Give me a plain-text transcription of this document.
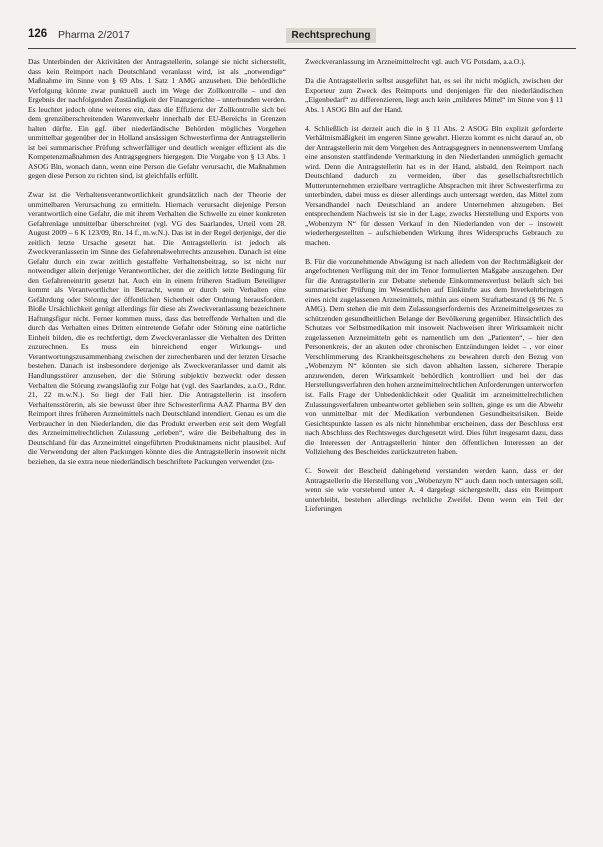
126 Pharma 2/2017	Rechtsprechung

Das Unterbinden der Aktivitäten der Antragstellerin, solange sie nicht sicherstellt, dass kein Reimport nach Deutschland veranlasst wird, ist als „notwendige“ Maßnahme im Sinne von § 69 Abs. 1 Satz 1 AMG anzusehen. Die behördliche Verfolgung könnte zwar punktuell auch im Wege der Zollkontrolle – und den Ergebnis der nachfolgenden Zuständigkeit der Finanzgerichte – unterbunden werden. Es leuchtet jedoch ohne weiteres ein, dass die Effizienz der Zollkontrolle sich bei dem grenzüberschreitenden Warenverkehr innerhalb der EU-Bereichs in Grenzen halten dürfte. Ein ggf. über niederländische Behörden mögliches Vorgehen unmittelbar gegenüber der in Holland ansässigen Schwesterfirma der Antragstellerin ist bei summarischer Prüfung schwerfälliger und deutlich weniger effizient als die Kompetenzmaßnahmen des Antragsgegners hiergegen. Die Vorgabe von § 13 Abs. 1 ASOG Bln, wonach dann, wenn eine Person die Gefahr verursacht, die Maßnahmen gegen diese Person zu richten sind, ist gleichfalls erfüllt.

Zwar ist die Verhaltensverantwortlichkeit grundsätzlich nach der Theorie der unmittelbaren Verursachung zu ermitteln. Hiernach verursacht diejenige Person verantwortlich eine Gefahr, die mit ihrem Verhalten die Schwelle zu einer konkreten Gefahrenlage unmittelbar überschreitet (vgl. VG des Saarlandes, Urteil vom 28. August 2009 – 6 K 123/09, Rn. 14 f., m.w.N.). Das ist in der Regel derjenige, der die zeitlich letzte Ursache gesetzt hat. Die Antragstellerin ist jedoch als Zweckveranlasserin im Sinne des Gefahrenabwehrrechts anzusehen. Danach ist eine Gefahr durch ein zwar zeitlich gestaffelte Verhaltensbeitrag, so ist nicht nur notwendiger allein derjenige Verantwortlicher, der die zeitlich letzte Bedingung für den Gefahreneintritt gesetzt hat. Auch ein in einem früheren Stadium Beteiligter kommt als Verantwortlicher in Betracht, wenn er durch sein Verhalten eine Gefährdung oder Störung der öffentlichen Sicherheit oder Ordnung herausfordert. Bloße Ursächlichkeit genügt allerdings für diese als Zweckveranlassung bezeichnete Haftungsfigur nicht. Ferner kommen muss, dass das betreffende Verhalten und die durch das Verhalten eines Dritten eintretende Gefahr oder Störung eine natürliche Einheit bilden, die es rechtfertigt, dem Zweckveranlasser die Verhalten des Dritten zuzurechnen. Es muss ein hinreichend enger Wirkungs- und Verantwortungszusammenhang zwischen der zurechenbaren und der letzten Ursache bestehen. Danach ist insbesondere derjenige als Zweckveranlasser und damit als Handlungsstörer anzusehen, der die Störung subjektiv bezweckt oder dessen Verhalten die Störung zwangsläufig zur Folge hat (vgl. des Saarlandes, a.a.O., Rdnr. 21, 22 m.w.N.). So liegt der Fall hier. Die Antragstellerin ist insofern Verhaltensstörerin, als sie bewusst über ihre Schwesterfirma AAZ Pharma BV den Reimport ihres früheren Arzneimittels nach Deutschland intendiert. Genau es um die Verbraucher in den Niederlanden, die das Produkt erwerben erst seit dem Wegfall des Arzneimittelrechtlichen Zulassung „erleben“, wäre die Beibehaltung des in Deutschland für das Arzneimittel eingeführten Produktnamens nicht plausibel. Auf die Verwendung der alten Packungen könnte dies die Antragstellerin insoweit nicht beziehen, da sie extra neue niederländisch beschriftete Packungen verwendet (zu-

Zweckveranlassung im Arzneimittelrecht vgl. auch VG Potsdam, a.a.O.).

Da die Antragstellerin selbst ausgeführt hat, es sei ihr nicht möglich, zwischen der Exporteur zum Zweck des Reimports und denjenigen für den niederländischen „Eigenbedarf“ zu differenzieren, liegt auch kein „milderes Mittel“ im Sinne von § 11 Abs. 1 ASOG Bln auf der Hand.

4. Schließlich ist derzeit auch die in § 11 Abs. 2 ASOG Bln explizit geforderte Verhältnismäßigkeit im engeren Sinne gewahrt. Hierzu kommt es nicht darauf an, ob der Antragstellerin mit dem Vorgehen des Antragsgegners in nennenswertem Umfang eine ansonsten stattfindende Vermarktung in den Niederlanden unmöglich gemacht wird. Denn die Antragstellerin hat es in der Hand, alsbald, den Reimport nach Deutschland dadurch zu vermeiden, über das gesellschaftsrechtlich Mutterunternehmen erzielbare vertragliche Absprachen mit ihrer Schwesterfirma zu unterbinden, dabei muss es dieser allerdings auch untersagt werden, das Mittel zum Versandhandel nach Deutschland an andere Unternehmen abzugeben. Bei entsprechendem Nachweis ist sie in der Lage, zwecks Herstellung und Exports von „Wobenzym N“ für dessen Verkauf in den Niederlanden von der – insoweit wiederhergestellten – aufschiebenden Wirkung ihres Widerspruchs Gebrauch zu machen.

B. Für die vorzunehmende Abwägung ist nach alledem von der Rechtmäßigkeit der angefochtenen Verfügung mit der im Tenor formulierten Maßgabe auszugehen. Der für die Antragstellerin zur Debatte stehende Einkommensverlust beläuft sich bei summarischer Prüfung im Wesentlichen auf Einkünfte aus dem Inverkehrbringen eines nicht zugelassenen Arzneimittels, mithin aus einem Straftatbestand (§ 96 Nr. 5 AMG). Dem stehen die mit dem Zulassungserfordernis des Arzneimittelgesetzes zu schützenden gesundheitlichen Belange der Bevölkerung gegenüber. Hinsichtlich des Schutzes vor Selbstmedikation mit insoweit Nachweisen ihrer Wirksamkeit nicht zugelassenen Arzneimitteln geht es namentlich um den „Patienten“, – hier den Personenkreis, der an akuten oder chronischen Entzündungen leidet – , vor einer Verschlimmerung des Krankheitsgeschehens zu bewahren durch den Bezug von „Wobenzym N“ könnten sie sich davon abhalten lassen, sicherere Therapie anzuwenden, deren Wirksamkeit behördlich kontrolliert und bei der das Herstellungsverfahren den hohen arzneimittelrechtlichen Anforderungen unterworfen ist. Falls Frage der Unbedenklichkeit oder Qualität im arzneimittelrechtlichen Zulassungsverfahren unbeantwortet geblieben sein sollten, ginge es um die Abwehr von unmittelbar mit der Medikation verbundenen Gesundheitsrisiken. Beide Gesichtspunkte lassen es als nicht hinnehmbar erscheinen, dass der Beschluss erst nach Abschluss des Rechtsweges durchgesetzt wird. Dies führt insgesamt dazu, dass die Interessen der Antragstellerin hinter den öffentlichen Interessen an der Vollziehung des Bescheides zurückzutreten haben.

C. Soweit der Bescheid dahingehend verstanden werden kann, dass er der Antragstellerin die Herstellung von „Wobenzym N“ auch dann noch untersagen soll, wenn sie wie vorstehend unter A. 4 dargelegt sichergestellt, dass ein Reimport unterbleibt, bestehen allerdings rechtliche Zweifel. Denn wenn ein Teil der Lieferungen
